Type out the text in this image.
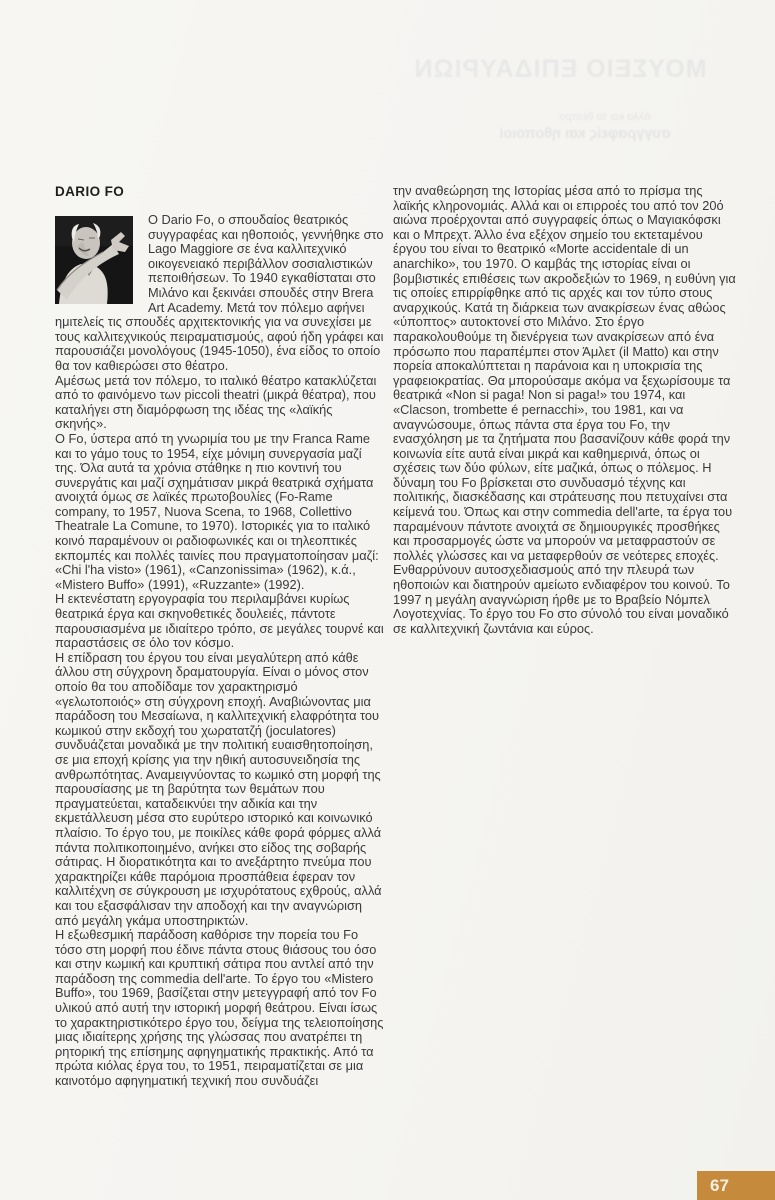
ΜΟΥΣΕΙΟ ΕΠΙΔΑΥΡΙΩΝ
άλλα και το θέατρο
συγγραφείς και ηθοποιοί
DARIO FO

Ο Dario Fo, ο σπουδαίος θεατρικός συγγραφέας και ηθοποιός, γεννήθηκε στο Lago Maggiore σε ένα καλλιτεχνικό οικογενειακό περιβάλλον σοσιαλιστικών πεποιθήσεων. Το 1940 εγκαθίσταται στο Μιλάνο και ξεκινάει σπουδές στην Brera Art Academy. Μετά τον πόλεμο αφήνει ημιτελείς τις σπουδές αρχιτεκτονικής για να συνεχίσει με τους καλλιτεχνικούς πειραματισμούς, αφού ήδη γράφει και παρουσιάζει μονολόγους (1945-1050), ένα είδος το οποίο θα τον καθιερώσει στο θέατρο.

Αμέσως μετά τον πόλεμο, το ιταλικό θέατρο κατακλύζεται από το φαινόμενο των piccoli theatri (μικρά θέατρα), που καταλήγει στη διαμόρφωση της ιδέας της «λαϊκής σκηνής».

Ο Fo, ύστερα από τη γνωριμία του με την Franca Rame και το γάμο τους το 1954, είχε μόνιμη συνεργασία μαζί της. Όλα αυτά τα χρόνια στάθηκε η πιο κοντινή του συνεργάτις και μαζί σχημάτισαν μικρά θεατρικά σχήματα ανοιχτά όμως σε λαϊκές πρωτοβουλίες (Fo-Rame company, το 1957, Nuova Scena, το 1968, Collettivo Theatrale La Comune, το 1970). Ιστορικές για το ιταλικό κοινό παραμένουν οι ραδιοφωνικές και οι τηλεοπτικές εκπομπές και πολλές ταινίες που πραγματοποίησαν μαζί: «Chi l'ha visto» (1961), «Canzonissima» (1962), κ.ά., «Mistero Buffo» (1991), «Ruzzante» (1992).

Η εκτενέστατη εργογραφία του περιλαμβάνει κυρίως θεατρικά έργα και σκηνοθετικές δουλειές, πάντοτε παρουσιασμένα με ιδιαίτερο τρόπο, σε μεγάλες τουρνέ και παραστάσεις σε όλο τον κόσμο.

Η επίδραση του έργου του είναι μεγαλύτερη από κάθε άλλου στη σύγχρονη δραματουργία. Είναι ο μόνος στον οποίο θα του αποδίδαμε τον χαρακτηρισμό «γελωτοποιός» στη σύγχρονη εποχή. Αναβιώνοντας μια παράδοση του Μεσαίωνα, η καλλιτεχνική ελαφρότητα του κωμικού στην εκδοχή του χωρατατζή (joculatores) συνδυάζεται μοναδικά με την πολιτική ευαισθητοποίηση, σε μια εποχή κρίσης για την ηθική αυτοσυνειδησία της ανθρωπότητας. Αναμειγνύοντας το κωμικό στη μορφή της παρουσίασης με τη βαρύτητα των θεμάτων που πραγματεύεται, καταδεικνύει την αδικία και την εκμετάλλευση μέσα στο ευρύτερο ιστορικό και κοινωνικό πλαίσιο. Το έργο του, με ποικίλες κάθε φορά φόρμες αλλά πάντα πολιτικοποιημένο, ανήκει στο είδος της σοβαρής σάτιρας. Η διορατικότητα και το ανεξάρτητο πνεύμα που χαρακτηρίζει κάθε παρόμοια προσπάθεια έφεραν τον καλλιτέχνη σε σύγκρουση με ισχυρότατους εχθρούς, αλλά και του εξασφάλισαν την αποδοχή και την αναγνώριση από μεγάλη γκάμα υποστηρικτών.

Η εξωθεσμική παράδοση καθόρισε την πορεία του Fo τόσο στη μορφή που έδινε πάντα στους θιάσους του όσο και στην κωμική και κρυπτική σάτιρα που αντλεί από την παράδοση της commedia dell'arte. Το έργο του «Mistero Buffo», του 1969, βασίζεται στην μετεγγραφή από τον Fo υλικού από αυτή την ιστορική μορφή θεάτρου. Είναι ίσως το χαρακτηριστικότερο έργο του, δείγμα της τελειοποίησης μιας ιδιαίτερης χρήσης της γλώσσας που ανατρέπει τη ρητορική της επίσημης αφηγηματικής πρακτικής. Από τα πρώτα κιόλας έργα του, το 1951, πειραματίζεται σε μια καινοτόμο αφηγηματική τεχνική που συνδυάζει

την αναθεώρηση της Ιστορίας μέσα από το πρίσμα της λαϊκής κληρονομιάς. Αλλά και οι επιρροές του από τον 20ό αιώνα προέρχονται από συγγραφείς όπως ο Μαγιακόφσκι και ο Μπρεχτ. Άλλο ένα εξέχον σημείο του εκτεταμένου έργου του είναι το θεατρικό «Morte accidentale di un anarchiko», του 1970. Ο καμβάς της ιστορίας είναι οι βομβιστικές επιθέσεις των ακροδεξιών το 1969, η ευθύνη για τις οποίες επιρρίφθηκε από τις αρχές και τον τύπο στους αναρχικούς. Κατά τη διάρκεια των ανακρίσεων ένας αθώος «ύποπτος» αυτοκτονεί στο Μιλάνο. Στο έργο παρακολουθούμε τη διενέργεια των ανακρίσεων από ένα πρόσωπο που παραπέμπει στον Άμλετ (il Matto) και στην πορεία αποκαλύπτεται η παράνοια και η υποκρισία της γραφειοκρατίας. Θα μπορούσαμε ακόμα να ξεχωρίσουμε τα θεατρικά «Non si paga! Non si paga!» του 1974, και «Clacson, trombette é pernacchi», του 1981, και να αναγνώσουμε, όπως πάντα στα έργα του Fo, την ενασχόληση με τα ζητήματα που βασανίζουν κάθε φορά την κοινωνία είτε αυτά είναι μικρά και καθημερινά, όπως οι σχέσεις των δύο φύλων, είτε μαζικά, όπως ο πόλεμος. Η δύναμη του Fo βρίσκεται στο συνδυασμό τέχνης και πολιτικής, διασκέδασης και στράτευσης που πετυχαίνει στα κείμενά του. Όπως και στην commedia dell'arte, τα έργα του παραμένουν πάντοτε ανοιχτά σε δημιουργικές προσθήκες και προσαρμογές ώστε να μπορούν να μεταφραστούν σε πολλές γλώσσες και να μεταφερθούν σε νεότερες εποχές. Ενθαρρύνουν αυτοσχεδιασμούς από την πλευρά των ηθοποιών και διατηρούν αμείωτο ενδιαφέρον του κοινού. Το 1997 η μεγάλη αναγνώριση ήρθε με το Βραβείο Νόμπελ Λογοτεχνίας. Το έργο του Fo στο σύνολό του είναι μοναδικό σε καλλιτεχνική ζωντάνια και εύρος.

67
